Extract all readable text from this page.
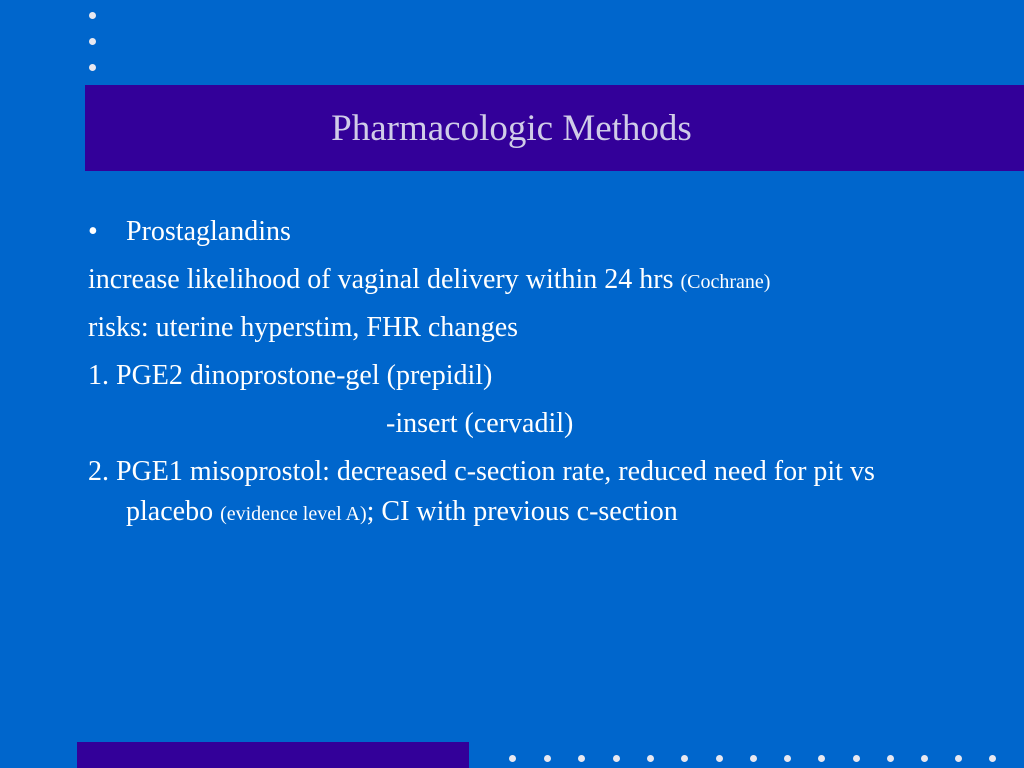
Pharmacologic Methods
• Prostaglandins
increase likelihood of vaginal delivery within 24 hrs (Cochrane)
risks: uterine hyperstim, FHR changes
1. PGE2 dinoprostone-gel (prepidil)
-insert (cervadil)
2. PGE1 misoprostol: decreased c-section rate, reduced need for pit vs placebo (evidence level A); CI with previous c-section
